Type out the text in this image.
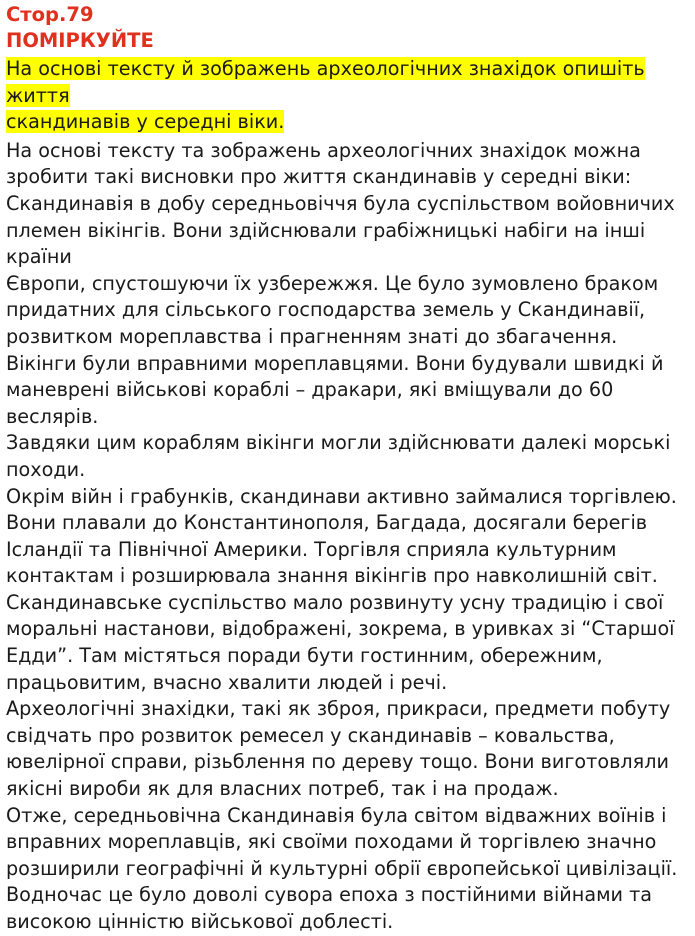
Стор.79
ПОМІРКУЙТЕ
На основі тексту й зображень археологічних знахідок опишіть життя
скандинавів у середні віки.

На основі тексту та зображень археологічних знахідок можна

зробити такі висновки про життя скандинавів у середні віки:

Скандинавія в добу середньовіччя була суспільством войовничих

племен вікінгів. Вони здійснювали грабіжницькі набіги на інші країни

Європи, спустошуючи їх узбережжя. Це було зумовлено браком

придатних для сільського господарства земель у Скандинавії,

розвитком мореплавства і прагненням знаті до збагачення.

Вікінги були вправними мореплавцями. Вони будували швидкі й

маневрені військові кораблі – дракари, які вміщували до 60 веслярів.

Завдяки цим кораблям вікінги могли здійснювати далекі морські

походи.

Окрім війн і грабунків, скандинави активно займалися торгівлею.

Вони плавали до Константинополя, Багдада, досягали берегів

Ісландії та Північної Америки. Торгівля сприяла культурним

контактам і розширювала знання вікінгів про навколишній світ.

Скандинавське суспільство мало розвинуту усну традицію і свої

моральні настанови, відображені, зокрема, в уривках зі “Старшої

Едди”. Там містяться поради бути гостинним, обережним,

працьовитим, вчасно хвалити людей і речі.

Археологічні знахідки, такі як зброя, прикраси, предмети побуту

свідчать про розвиток ремесел у скандинавів – ковальства,

ювелірної справи, різьблення по дереву тощо. Вони виготовляли

якісні вироби як для власних потреб, так і на продаж.

Отже, середньовічна Скандинавія була світом відважних воїнів і

вправних мореплавців, які своїми походами й торгівлею значно

розширили географічні й культурні обрії європейської цивілізації.

Водночас це було доволі сувора епоха з постійними війнами та

високою цінністю військової доблесті.
